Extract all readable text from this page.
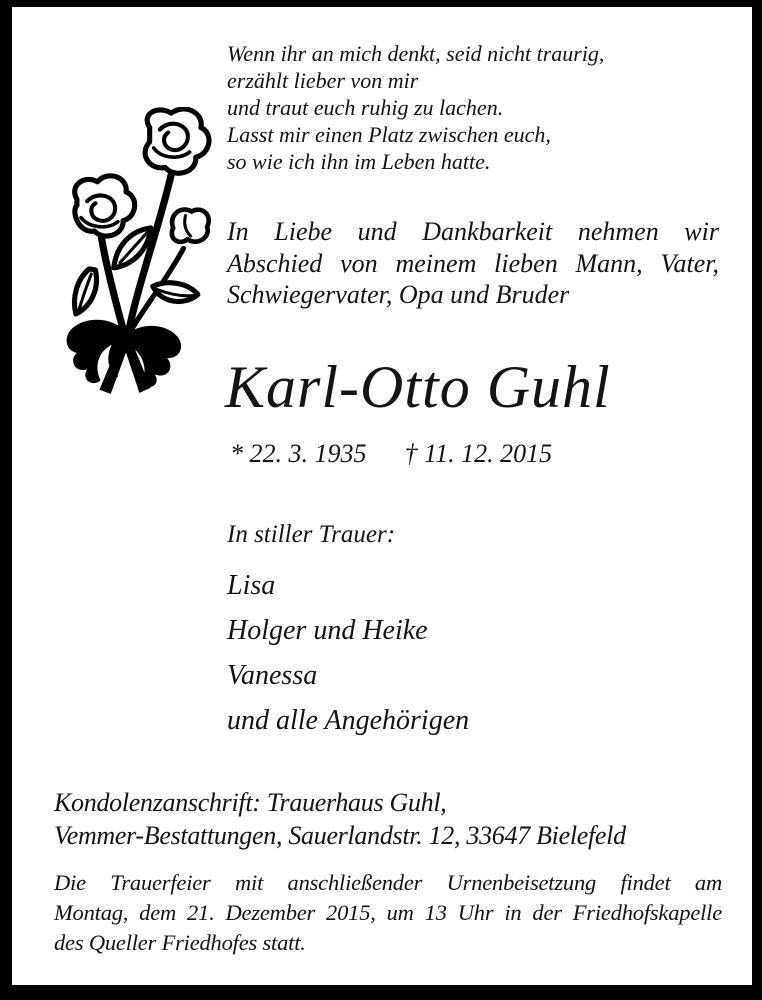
Wenn ihr an mich denkt, seid nicht traurig,
erzählt lieber von mir
und traut euch ruhig zu lachen.
Lasst mir einen Platz zwischen euch,
so wie ich ihn im Leben hatte.
In Liebe und Dankbarkeit nehmen wir
Abschied von meinem lieben Mann, Vater,
Schwiegervater, Opa und Bruder
Karl-Otto Guhl
* 22. 3. 1935 † 11. 12. 2015
In stiller Trauer:
Lisa
Holger und Heike
Vanessa
und alle Angehörigen
Kondolenzanschrift: Trauerhaus Guhl,
Vemmer-Bestattungen, Sauerlandstr. 12, 33647 Bielefeld
Die Trauerfeier mit anschließender Urnenbeisetzung findet am
Montag, dem 21. Dezember 2015, um 13 Uhr in der Friedhofskapelle
des Queller Friedhofes statt.
